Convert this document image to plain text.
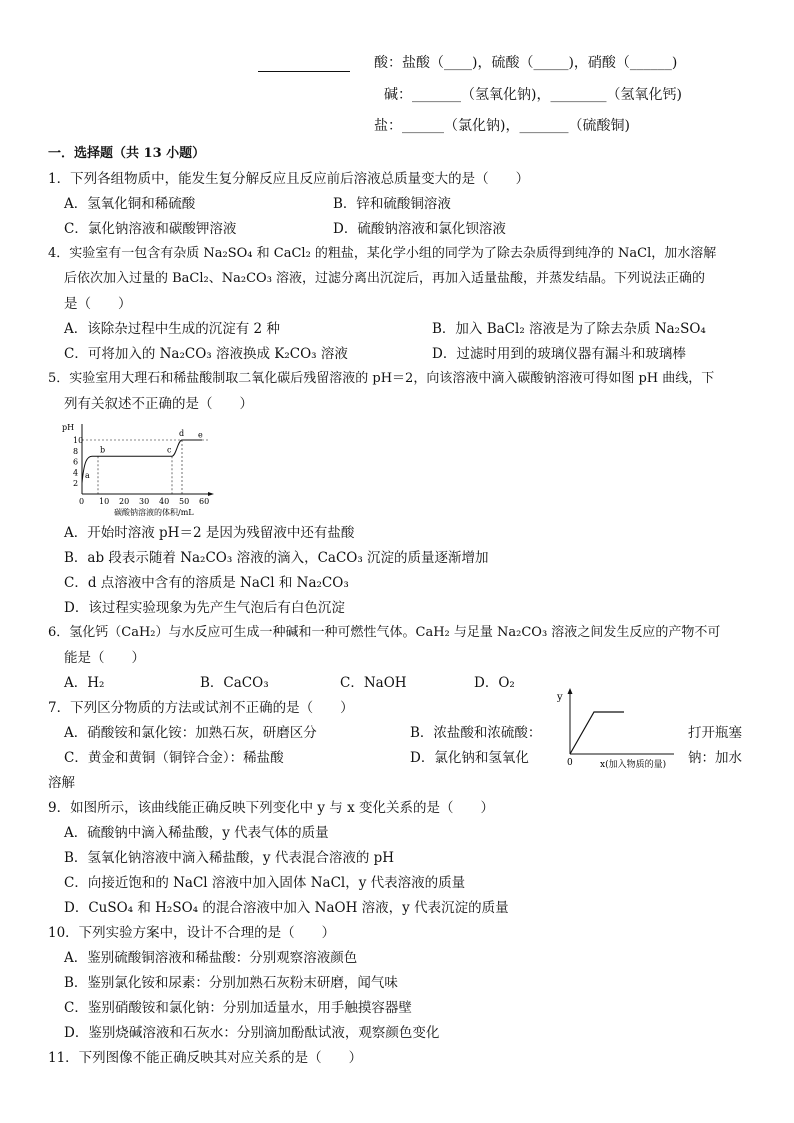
酸：盐酸（____)，硫酸（_____)，硝酸（______)
碱：_______（氢氧化钠)，________（氢氧化钙)
盐：______（氯化钠)，_______（硫酸铜)
一．选择题（共 13 小题）
1．下列各组物质中，能发生复分解反应且反应前后溶液总质量变大的是（　　）
A．氢氧化铜和稀硫酸	B．锌和硫酸铜溶液
C．氯化钠溶液和碳酸钾溶液	D．硫酸钠溶液和氯化钡溶液
4．实验室有一包含有杂质 Na₂SO₄ 和 CaCl₂ 的粗盐，某化学小组的同学为了除去杂质得到纯净的 NaCl，加水溶解
后依次加入过量的 BaCl₂、Na₂CO₃ 溶液，过滤分离出沉淀后，再加入适量盐酸，并蒸发结晶。下列说法正确的
是（　　）
A．该除杂过程中生成的沉淀有 2 种	B．加入 BaCl₂ 溶液是为了除去杂质 Na₂SO₄
C．可将加入的 Na₂CO₃ 溶液换成 K₂CO₃ 溶液	D．过滤时用到的玻璃仪器有漏斗和玻璃棒
5．实验室用大理石和稀盐酸制取二氧化碳后残留溶液的 pH＝2，向该溶液中滴入碳酸钠溶液可得如图 pH 曲线，下
列有关叙述不正确的是（　　）
pH
10
8
6
4
2
0 10 20 30 40 50 60
碳酸钠溶液的体积/mL
a
b	c
d e
A．开始时溶液 pH＝2 是因为残留液中还有盐酸
B．ab 段表示随着 Na₂CO₃ 溶液的滴入，CaCO₃ 沉淀的质量逐渐增加
C．d 点溶液中含有的溶质是 NaCl 和 Na₂CO₃
D．该过程实验现象为先产生气泡后有白色沉淀
6．氢化钙（CaH₂）与水反应可生成一种碱和一种可燃性气体。CaH₂ 与足量 Na₂CO₃ 溶液之间发生反应的产物不可
能是（　　）
A．H₂	B．CaCO₃	C．NaOH	D．O₂
7．下列区分物质的方法或试剂不正确的是（　　）
A．硝酸铵和氯化铵：加熟石灰，研磨区分	B．浓盐酸和浓硫酸：	打开瓶塞
C．黄金和黄铜（铜锌合金）：稀盐酸	D．氯化钠和氢氧化	钠：加水
溶解
y
0	x(加入物质的量)
9．如图所示，该曲线能正确反映下列变化中 y 与 x 变化关系的是（　　）
A．硫酸钠中滴入稀盐酸，y 代表气体的质量
B．氢氧化钠溶液中滴入稀盐酸，y 代表混合溶液的 pH
C．向接近饱和的 NaCl 溶液中加入固体 NaCl，y 代表溶液的质量
D．CuSO₄ 和 H₂SO₄ 的混合溶液中加入 NaOH 溶液，y 代表沉淀的质量
10．下列实验方案中，设计不合理的是（　　）
A．鉴别硫酸铜溶液和稀盐酸：分别观察溶液颜色
B．鉴别氯化铵和尿素：分别加熟石灰粉末研磨，闻气味
C．鉴别硝酸铵和氯化钠：分别加适量水，用手触摸容器壁
D．鉴别烧碱溶液和石灰水：分别滴加酚酞试液，观察颜色变化
11．下列图像不能正确反映其对应关系的是（　　）
